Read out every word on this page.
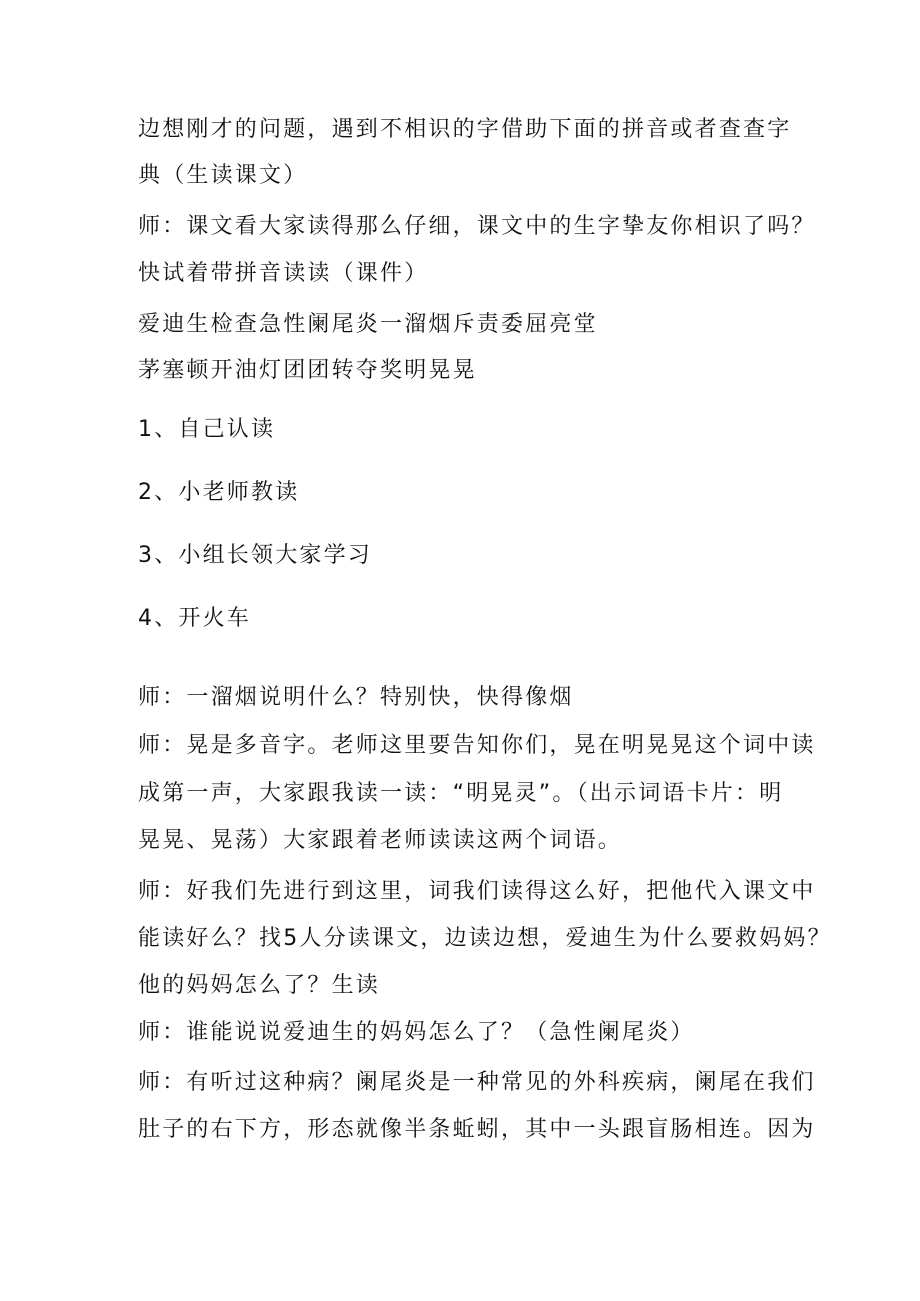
边想刚才的问题，遇到不相识的字借助下面的拼音或者查查字
典（生读课文）
师：课文看大家读得那么仔细，课文中的生字挚友你相识了吗？
快试着带拼音读读（课件）
爱迪生检查急性阑尾炎一溜烟斥责委屈亮堂
茅塞顿开油灯团团转夺奖明晃晃
1、自己认读
2、小老师教读
3、小组长领大家学习
4、开火车
师：一溜烟说明什么？特别快，快得像烟
师：晃是多音字。老师这里要告知你们，晃在明晃晃这个词中读
成第一声，大家跟我读一读：“明晃灵”。（出示词语卡片：明
晃晃、晃荡）大家跟着老师读读这两个词语。
师：好我们先进行到这里，词我们读得这么好，把他代入课文中
能读好么？找5人分读课文，边读边想，爱迪生为什么要救妈妈？
他的妈妈怎么了？生读
师：谁能说说爱迪生的妈妈怎么了？（急性阑尾炎）
师：有听过这种病？阑尾炎是一种常见的外科疾病，阑尾在我们
肚子的右下方，形态就像半条蚯蚓，其中一头跟盲肠相连。因为
